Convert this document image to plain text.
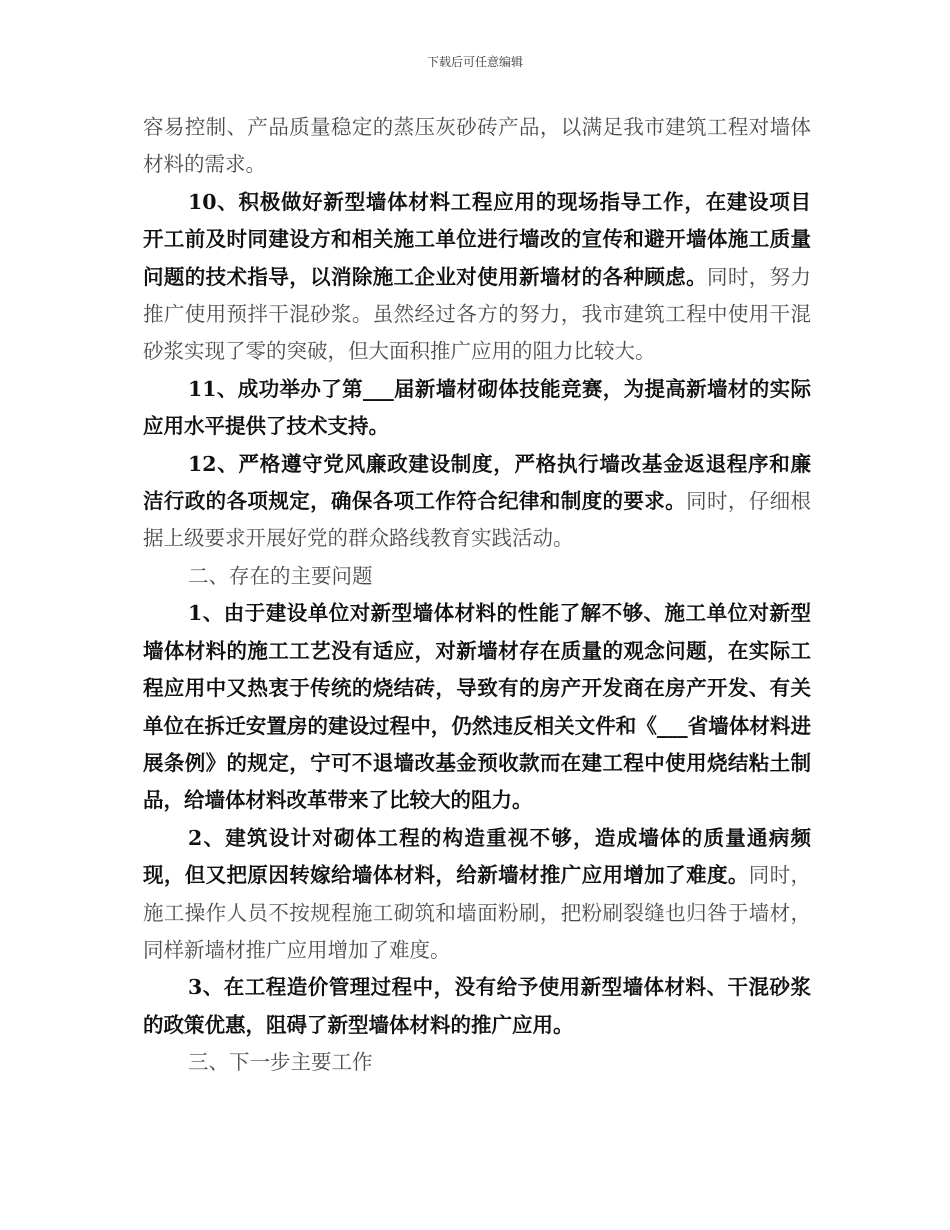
下载后可任意编辑

容易控制、产品质量稳定的蒸压灰砂砖产品，以满足我市建筑工程对墙体材料的需求。

10、积极做好新型墙体材料工程应用的现场指导工作，在建设项目开工前及时同建设方和相关施工单位进行墙改的宣传和避开墙体施工质量问题的技术指导，以消除施工企业对使用新墙材的各种顾虑。同时，努力推广使用预拌干混砂浆。虽然经过各方的努力，我市建筑工程中使用干混砂浆实现了零的突破，但大面积推广应用的阻力比较大。

11、成功举办了第___届新墙材砌体技能竞赛，为提高新墙材的实际应用水平提供了技术支持。

12、严格遵守党风廉政建设制度，严格执行墙改基金返退程序和廉洁行政的各项规定，确保各项工作符合纪律和制度的要求。同时，仔细根据上级要求开展好党的群众路线教育实践活动。

二、存在的主要问题

1、由于建设单位对新型墙体材料的性能了解不够、施工单位对新型墙体材料的施工工艺没有适应，对新墙材存在质量的观念问题，在实际工程应用中又热衷于传统的烧结砖，导致有的房产开发商在房产开发、有关单位在拆迁安置房的建设过程中，仍然违反相关文件和《___省墙体材料进展条例》的规定，宁可不退墙改基金预收款而在建工程中使用烧结粘土制品，给墙体材料改革带来了比较大的阻力。

2、建筑设计对砌体工程的构造重视不够，造成墙体的质量通病频现，但又把原因转嫁给墙体材料，给新墙材推广应用增加了难度。同时，施工操作人员不按规程施工砌筑和墙面粉刷，把粉刷裂缝也归咎于墙材，同样新墙材推广应用增加了难度。

3、在工程造价管理过程中，没有给予使用新型墙体材料、干混砂浆的政策优惠，阻碍了新型墙体材料的推广应用。

三、下一步主要工作
